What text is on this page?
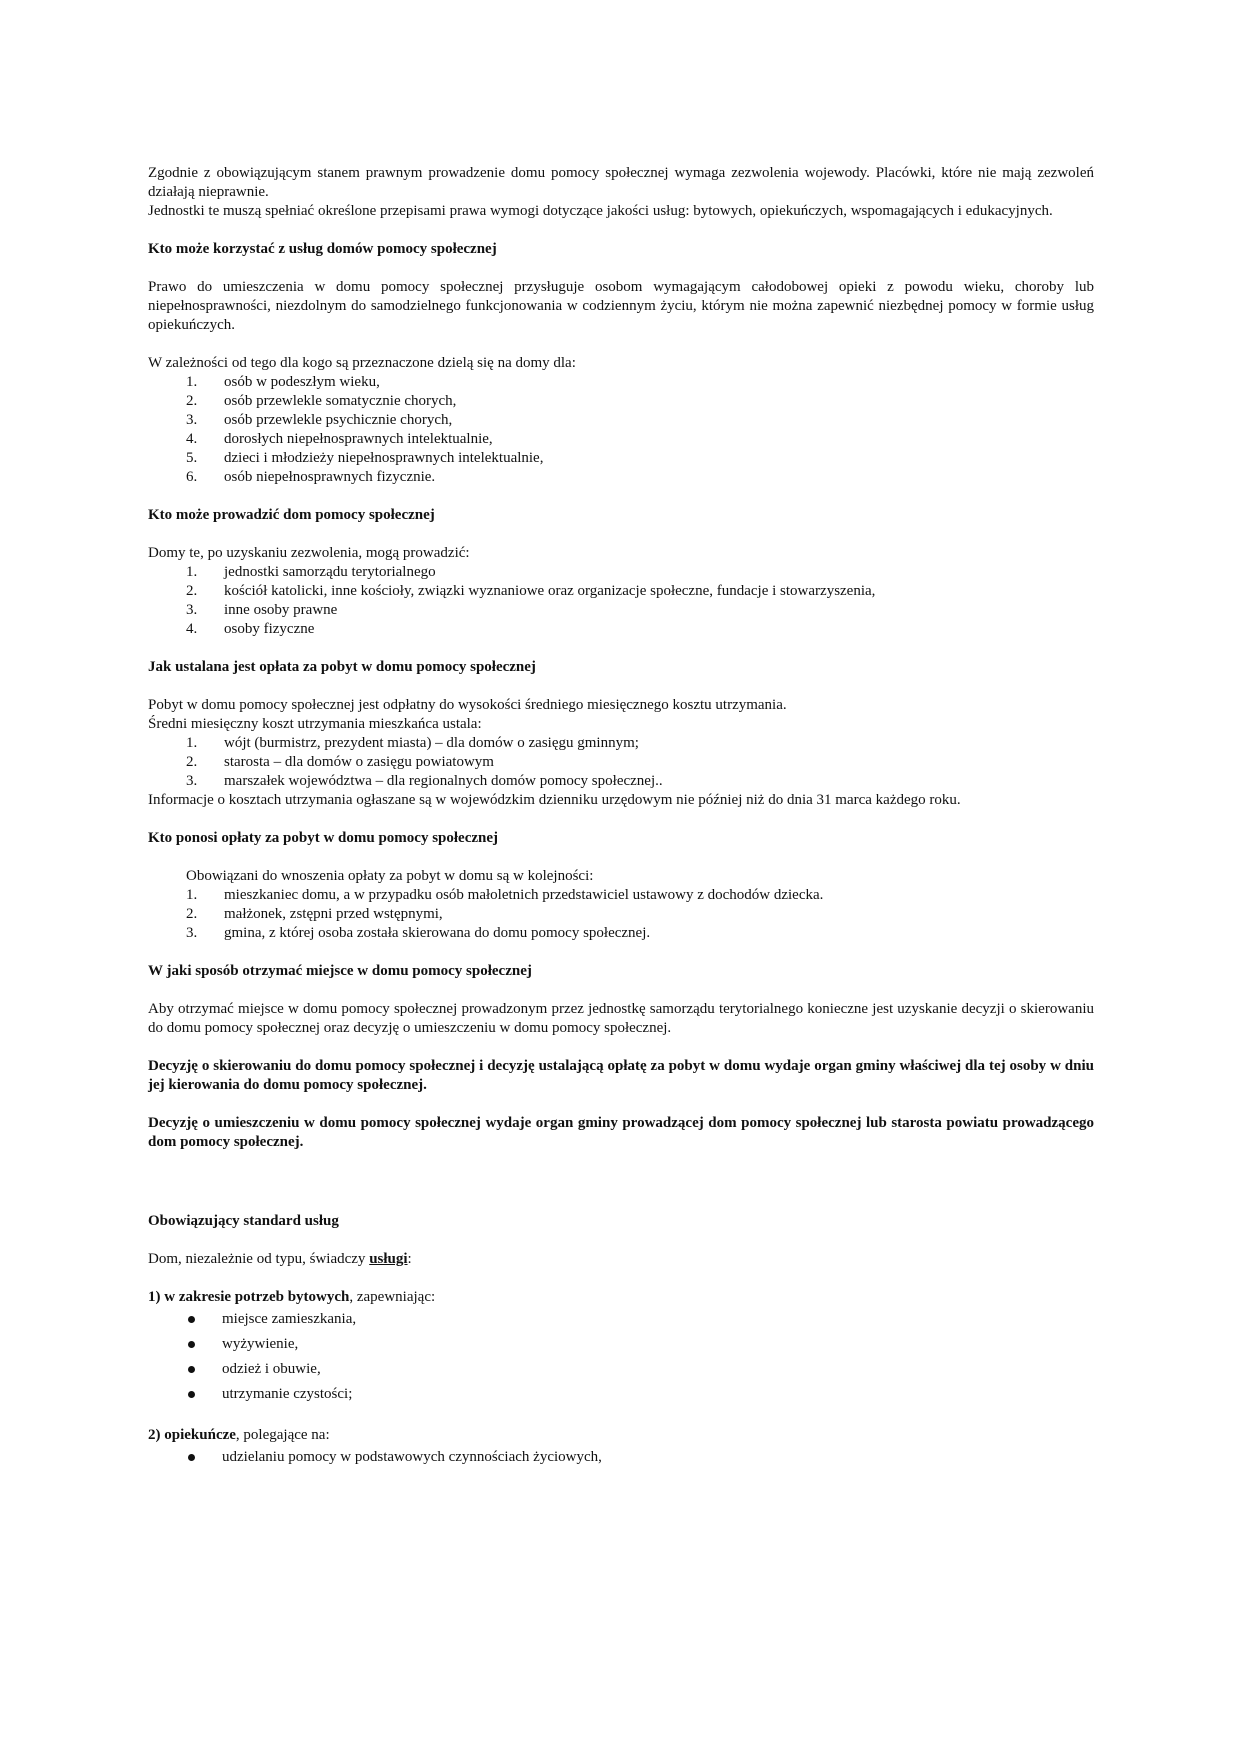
Zgodnie z obowiązującym stanem prawnym prowadzenie domu pomocy społecznej wymaga zezwolenia wojewody. Placówki, które nie mają zezwoleń działają nieprawnie.

Jednostki te muszą spełniać określone przepisami prawa wymogi dotyczące jakości usług: bytowych, opiekuńczych, wspomagających i edukacyjnych.

Kto może korzystać z usług domów pomocy społecznej

Prawo do umieszczenia w domu pomocy społecznej przysługuje osobom wymagającym całodobowej opieki z powodu wieku, choroby lub niepełnosprawności, niezdolnym do samodzielnego funkcjonowania w codziennym życiu, którym nie można zapewnić niezbędnej pomocy w formie usług opiekuńczych.

W zależności od tego dla kogo są przeznaczone dzielą się na domy dla:

1.	osób w podeszłym wieku,
2.	osób przewlekle somatycznie chorych,
3.	osób przewlekle psychicznie chorych,
4.	dorosłych niepełnosprawnych intelektualnie,
5.	dzieci i młodzieży niepełnosprawnych intelektualnie,
6.	osób niepełnosprawnych fizycznie.

Kto może prowadzić dom pomocy społecznej

Domy te, po uzyskaniu zezwolenia, mogą prowadzić:

1.	jednostki samorządu terytorialnego
2.	kościół katolicki, inne kościoły, związki wyznaniowe oraz organizacje społeczne, fundacje i stowarzyszenia,
3.	inne osoby prawne
4.	osoby fizyczne

Jak ustalana jest opłata za pobyt w domu pomocy społecznej

Pobyt w domu pomocy społecznej jest odpłatny do wysokości średniego miesięcznego kosztu utrzymania.

Średni miesięczny koszt utrzymania mieszkańca ustala:

1.	wójt (burmistrz, prezydent miasta) – dla domów o zasięgu gminnym;
2.	starosta – dla domów o zasięgu powiatowym
3.	marszałek województwa – dla regionalnych domów pomocy społecznej..

Informacje o kosztach utrzymania ogłaszane są w wojewódzkim dzienniku urzędowym nie później niż do dnia 31 marca każdego roku.

Kto ponosi opłaty za pobyt w domu pomocy społecznej

Obowiązani do wnoszenia opłaty za pobyt w domu są w kolejności:

1.	mieszkaniec domu, a w przypadku osób małoletnich przedstawiciel ustawowy z dochodów dziecka.
2.	małżonek, zstępni przed wstępnymi,
3.	gmina, z której osoba została skierowana do domu pomocy społecznej.

W jaki sposób otrzymać miejsce w domu pomocy społecznej

Aby otrzymać miejsce w domu pomocy społecznej prowadzonym przez jednostkę samorządu terytorialnego konieczne jest uzyskanie decyzji o skierowaniu do domu pomocy społecznej oraz decyzję o umieszczeniu w domu pomocy społecznej.

Decyzję o skierowaniu do domu pomocy społecznej i decyzję ustalającą opłatę za pobyt w domu wydaje organ gminy właściwej dla tej osoby w dniu jej kierowania do domu pomocy społecznej.

Decyzję o umieszczeniu w domu pomocy społecznej wydaje organ gminy prowadzącej dom pomocy społecznej lub starosta powiatu prowadzącego dom pomocy społecznej.

Obowiązujący standard usług

Dom, niezależnie od typu, świadczy usługi:

1) w zakresie potrzeb bytowych, zapewniając:

miejsce zamieszkania,
wyżywienie,
odzież i obuwie,
utrzymanie czystości;

2) opiekuńcze, polegające na:

udzielaniu pomocy w podstawowych czynnościach życiowych,
